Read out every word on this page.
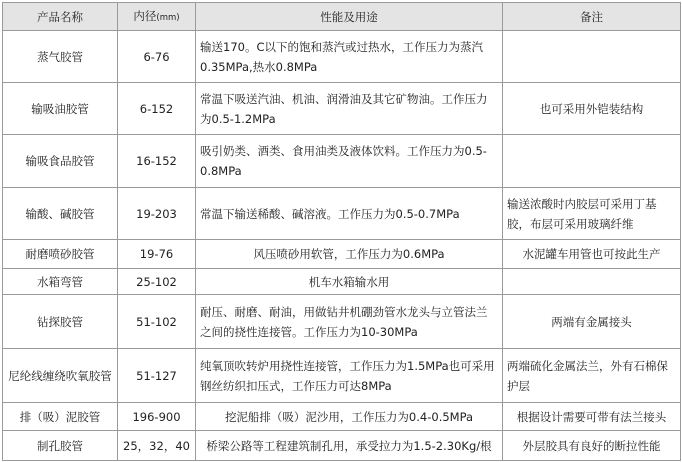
产品名称	内径(mm)	性能及用途	备注
蒸气胶管	6-76	输送170。C以下的饱和蒸汽或过热水，工作压力为蒸汽0.35MPa,热水0.8MPa	
输吸油胶管	6-152	常温下吸送汽油、机油、润滑油及其它矿物油。工作压力为0.5-1.2MPa	也可采用外铠装结构
输吸食品胶管	16-152	吸引奶类、酒类、食用油类及液体饮料。工作压力为0.5-0.8MPa	
输酸、碱胶管	19-203	常温下输送稀酸、碱溶液。工作压力为0.5-0.7MPa	输送浓酸时内胶层可采用丁基胶，布层可采用玻璃纤维
耐磨喷砂胶管	19-76	风压喷砂用软管，工作压力为0.6MPa	水泥罐车用管也可按此生产
水箱弯管	25-102	机车水箱输水用	
钻探胶管	51-102	耐压、耐磨、耐油，用做钻井机硼劲管水龙头与立管法兰之间的挠性连接管。工作压力为10-30MPa	两端有金属接头
尼纶线缠绕吹氧胶管	51-127	纯氧顶吹转炉用挠性连接管，工作压力为1.5MPa也可采用钢丝纺织扣压式，工作压力可达8MPa	两端硫化金属法兰，外有石棉保护层
排（吸）泥胶管	196-900	挖泥船排（吸）泥沙用，工作压力为0.4-0.5MPa	根据设计需要可带有法兰接头
制孔胶管	25，32，40	桥梁公路等工程建筑制孔用，承受拉力为1.5-2.30Kg/根	外层胶具有良好的断拉性能
